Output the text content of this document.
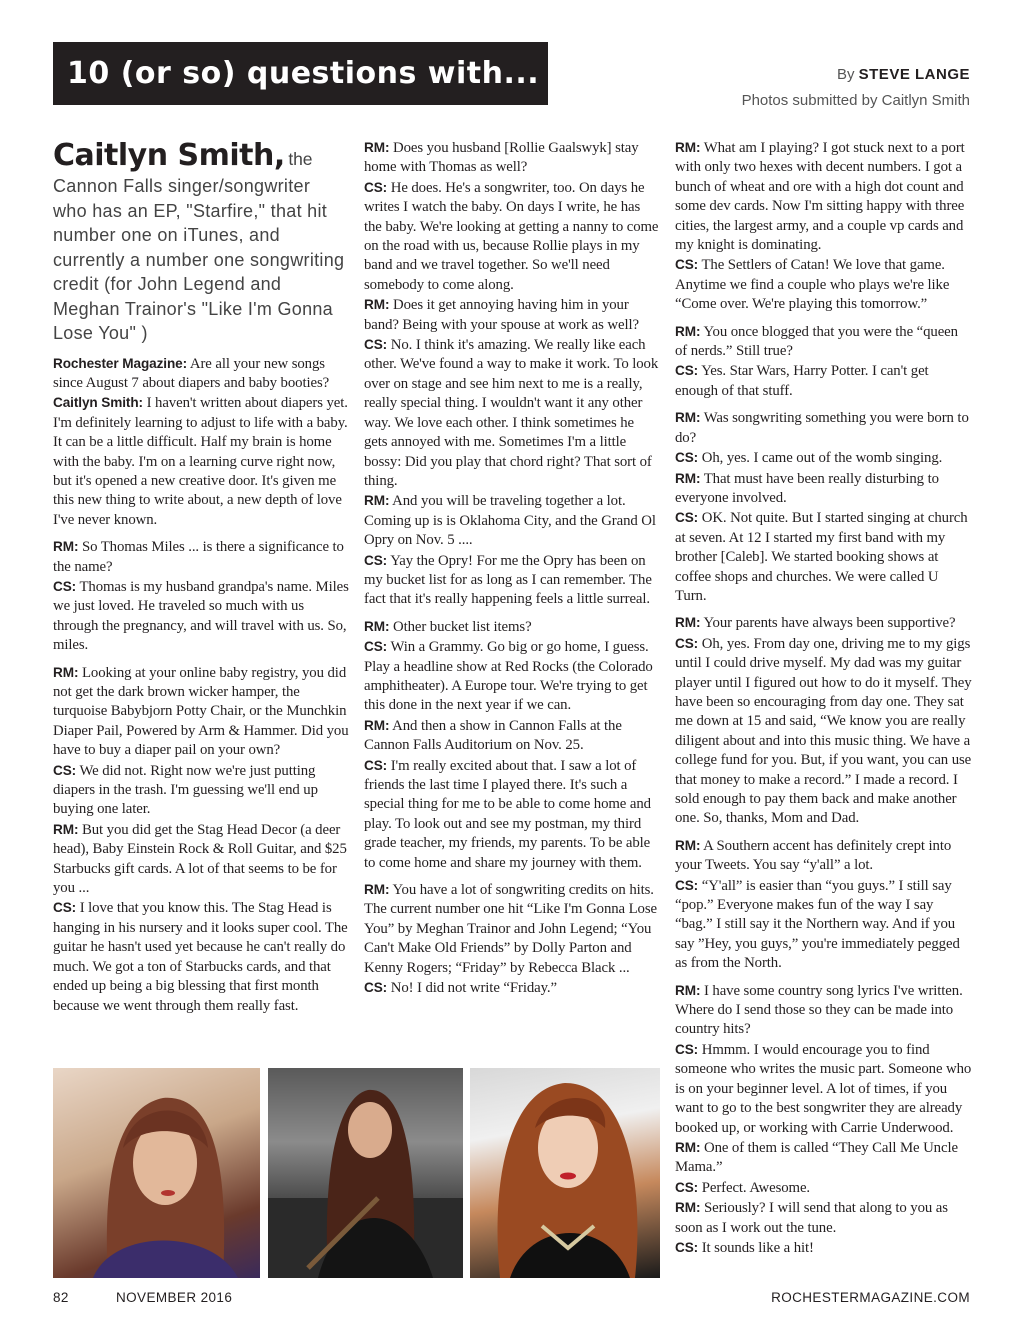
10 (or so) questions with...	By STEVE LANGE
Photos submitted by Caitlyn Smith
Caitlyn Smith, the
Cannon Falls singer/songwriter who has an EP, "Starfire," that hit number one on iTunes, and currently a number one songwriting credit (for John Legend and Meghan Trainor's "Like I'm Gonna Lose You" )

Rochester Magazine: Are all your new songs since August 7 about diapers and baby booties?
Caitlyn Smith: I haven't written about diapers yet. I'm definitely learning to adjust to life with a baby. It can be a little difficult. Half my brain is home with the baby. I'm on a learning curve right now, but it's opened a new creative door. It's given me this new thing to write about, a new depth of love I've never known.

RM: So Thomas Miles ... is there a significance to the name?
CS: Thomas is my husband grandpa's name. Miles we just loved. He traveled so much with us through the pregnancy, and will travel with us. So, miles.

RM: Looking at your online baby registry, you did not get the dark brown wicker hamper, the turquoise Babybjorn Potty Chair, or the Munchkin Diaper Pail, Powered by Arm & Hammer. Did you have to buy a diaper pail on your own?
CS: We did not. Right now we're just putting diapers in the trash. I'm guessing we'll end up buying one later.
RM: But you did get the Stag Head Decor (a deer head), Baby Einstein Rock & Roll Guitar, and $25 Starbucks gift cards. A lot of that seems to be for you ...
CS: I love that you know this. The Stag Head is hanging in his nursery and it looks super cool. The guitar he hasn't used yet because he can't really do much. We got a ton of Starbucks cards, and that ended up being a big blessing that first month because we went through them really fast.

RM: Does you husband [Rollie Gaalswyk] stay home with Thomas as well?
CS: He does. He's a songwriter, too. On days he writes I watch the baby. On days I write, he has the baby. We're looking at getting a nanny to come on the road with us, because Rollie plays in my band and we travel together. So we'll need somebody to come along.
RM: Does it get annoying having him in your band? Being with your spouse at work as well?
CS: No. I think it's amazing. We really like each other. We've found a way to make it work. To look over on stage and see him next to me is a really, really special thing. I wouldn't want it any other way. We love each other. I think sometimes he gets annoyed with me. Sometimes I'm a little bossy: Did you play that chord right? That sort of thing.
RM: And you will be traveling together a lot. Coming up is is Oklahoma City, and the Grand Ol Opry on Nov. 5 ....
CS: Yay the Opry! For me the Opry has been on my bucket list for as long as I can remember. The fact that it's really happening feels a little surreal.

RM: Other bucket list items?
CS: Win a Grammy. Go big or go home, I guess. Play a headline show at Red Rocks (the Colorado amphitheater). A Europe tour. We're trying to get this done in the next year if we can.
RM: And then a show in Cannon Falls at the Cannon Falls Auditorium on Nov. 25.
CS: I'm really excited about that. I saw a lot of friends the last time I played there. It's such a special thing for me to be able to come home and play. To look out and see my postman, my third grade teacher, my friends, my parents. To be able to come home and share my journey with them.

RM: You have a lot of songwriting credits on hits. The current number one hit “Like I'm Gonna Lose You” by Meghan Trainor and John Legend; “You Can't Make Old Friends” by Dolly Parton and Kenny Rogers; “Friday” by Rebecca Black ...
CS: No! I did not write “Friday.”

RM: What am I playing? I got stuck next to a port with only two hexes with decent numbers. I got a bunch of wheat and ore with a high dot count and some dev cards. Now I'm sitting happy with three cities, the largest army, and a couple vp cards and my knight is dominating.
CS: The Settlers of Catan! We love that game. Anytime we find a couple who plays we're like “Come over. We're playing this tomorrow.”

RM: You once blogged that you were the “queen of nerds.” Still true?
CS: Yes. Star Wars, Harry Potter. I can't get enough of that stuff.

RM: Was songwriting something you were born to do?
CS: Oh, yes. I came out of the womb singing.
RM: That must have been really disturbing to everyone involved.
CS: OK. Not quite. But I started singing at church at seven. At 12 I started my first band with my brother [Caleb]. We started booking shows at coffee shops and churches. We were called U Turn.

RM: Your parents have always been supportive?
CS: Oh, yes. From day one, driving me to my gigs until I could drive myself. My dad was my guitar player until I figured out how to do it myself. They have been so encouraging from day one. They sat me down at 15 and said, “We know you are really diligent about and into this music thing. We have a college fund for you. But, if you want, you can use that money to make a record.” I made a record. I sold enough to pay them back and make another one. So, thanks, Mom and Dad.

RM: A Southern accent has definitely crept into your Tweets. You say “y'all” a lot.
CS: “Y'all” is easier than “you guys.” I still say “pop.” Everyone makes fun of the way I say “bag.” I still say it the Northern way. And if you say ”Hey, you guys,” you're immediately pegged as from the North.

RM: I have some country song lyrics I've written. Where do I send those so they can be made into country hits?
CS: Hmmm. I would encourage you to find someone who writes the music part. Someone who is on your beginner level. A lot of times, if you want to go to the best songwriter they are already booked up, or working with Carrie Underwood.
RM: One of them is called “They Call Me Uncle Mama.”
CS: Perfect. Awesome.
RM: Seriously? I will send that along to you as soon as I work out the tune.
CS: It sounds like a hit!

82	NOVEMBER 2016	ROCHESTERMAGAZINE.COM
